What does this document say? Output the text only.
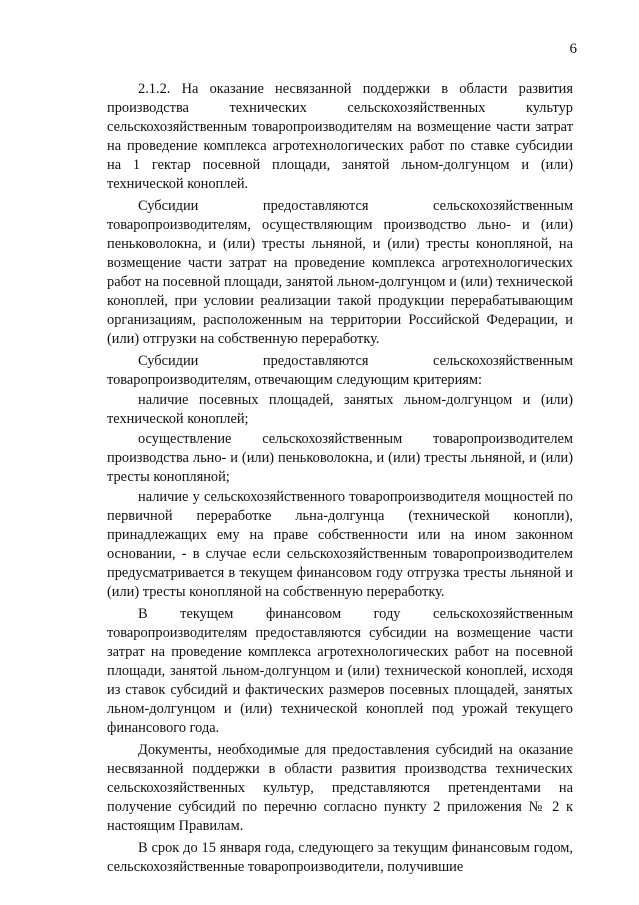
6

2.1.2. На оказание несвязанной поддержки в области развития производства технических сельскохозяйственных культур сельскохозяйственным товаропроизводителям на возмещение части затрат на проведение комплекса агротехнологических работ по ставке субсидии на 1 гектар посевной площади, занятой льном-долгунцом и (или) технической коноплей.

Субсидии предоставляются сельскохозяйственным товаропроизводителям, осуществляющим производство льно- и (или) пеньковолокна, и (или) тресты льняной, и (или) тресты конопляной, на возмещение части затрат на проведение комплекса агротехнологических работ на посевной площади, занятой льном-долгунцом и (или) технической коноплей, при условии реализации такой продукции перерабатывающим организациям, расположенным на территории Российской Федерации, и (или) отгрузки на собственную переработку.

Субсидии предоставляются сельскохозяйственным товаропроизводителям, отвечающим следующим критериям:

наличие посевных площадей, занятых льном-долгунцом и (или) технической коноплей;

осуществление сельскохозяйственным товаропроизводителем производства льно- и (или) пеньковолокна, и (или) тресты льняной, и (или) тресты конопляной;

наличие у сельскохозяйственного товаропроизводителя мощностей по первичной переработке льна-долгунца (технической конопли), принадлежащих ему на праве собственности или на ином законном основании, - в случае если сельскохозяйственным товаропроизводителем предусматривается в текущем финансовом году отгрузка тресты льняной и (или) тресты конопляной на собственную переработку.

В текущем финансовом году сельскохозяйственным товаропроизводителям предоставляются субсидии на возмещение части затрат на проведение комплекса агротехнологических работ на посевной площади, занятой льном-долгунцом и (или) технической коноплей, исходя из ставок субсидий и фактических размеров посевных площадей, занятых льном-долгунцом и (или) технической коноплей под урожай текущего финансового года.

Документы, необходимые для предоставления субсидий на оказание несвязанной поддержки в области развития производства технических сельскохозяйственных культур, представляются претендентами на получение субсидий по перечню согласно пункту 2 приложения № 2 к настоящим Правилам.

В срок до 15 января года, следующего за текущим финансовым годом, сельскохозяйственные товаропроизводители, получившие
